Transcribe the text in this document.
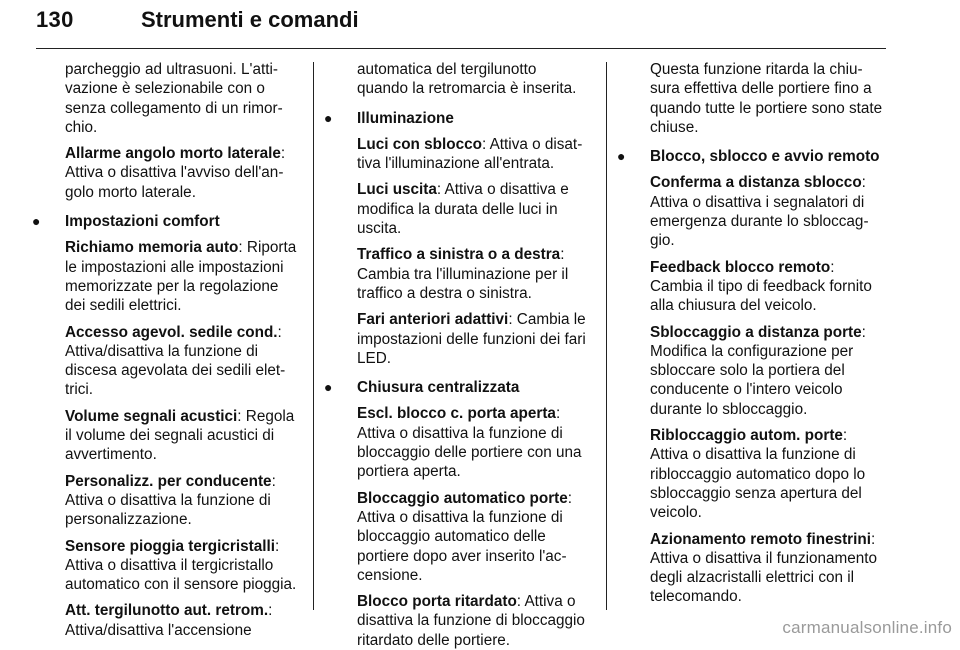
130	Strumenti e comandi

parcheggio ad ultrasuoni. L'attivazione è selezionabile con o senza collegamento di un rimorchio.

Allarme angolo morto laterale: Attiva o disattiva l'avviso dell'angolo morto laterale.

● Impostazioni comfort

Richiamo memoria auto: Riporta le impostazioni alle impostazioni memorizzate per la regolazione dei sedili elettrici.

Accesso agevol. sedile cond.: Attiva/disattiva la funzione di discesa agevolata dei sedili elettrici.

Volume segnali acustici: Regola il volume dei segnali acustici di avvertimento.

Personalizz. per conducente: Attiva o disattiva la funzione di personalizzazione.

Sensore pioggia tergicristalli: Attiva o disattiva il tergicristallo automatico con il sensore pioggia.

Att. tergilunotto aut. retrom.: Attiva/disattiva l'accensione

automatica del tergilunotto quando la retromarcia è inserita.

● Illuminazione

Luci con sblocco: Attiva o disattiva l'illuminazione all'entrata.

Luci uscita: Attiva o disattiva e modifica la durata delle luci in uscita.

Traffico a sinistra o a destra: Cambia tra l'illuminazione per il traffico a destra o sinistra.

Fari anteriori adattivi: Cambia le impostazioni delle funzioni dei fari LED.

● Chiusura centralizzata

Escl. blocco c. porta aperta: Attiva o disattiva la funzione di bloccaggio delle portiere con una portiera aperta.

Bloccaggio automatico porte: Attiva o disattiva la funzione di bloccaggio automatico delle portiere dopo aver inserito l'accensione.

Blocco porta ritardato: Attiva o disattiva la funzione di bloccaggio ritardato delle portiere.

Questa funzione ritarda la chiusura effettiva delle portiere fino a quando tutte le portiere sono state chiuse.

● Blocco, sblocco e avvio remoto

Conferma a distanza sblocco: Attiva o disattiva i segnalatori di emergenza durante lo sbloccaggio.

Feedback blocco remoto: Cambia il tipo di feedback fornito alla chiusura del veicolo.

Sbloccaggio a distanza porte: Modifica la configurazione per sbloccare solo la portiera del conducente o l'intero veicolo durante lo sbloccaggio.

Ribloccaggio autom. porte: Attiva o disattiva la funzione di ribloccaggio automatico dopo lo sbloccaggio senza apertura del veicolo.

Azionamento remoto finestrini: Attiva o disattiva il funzionamento degli alzacristalli elettrici con il telecomando.

carmanualsonline.info
